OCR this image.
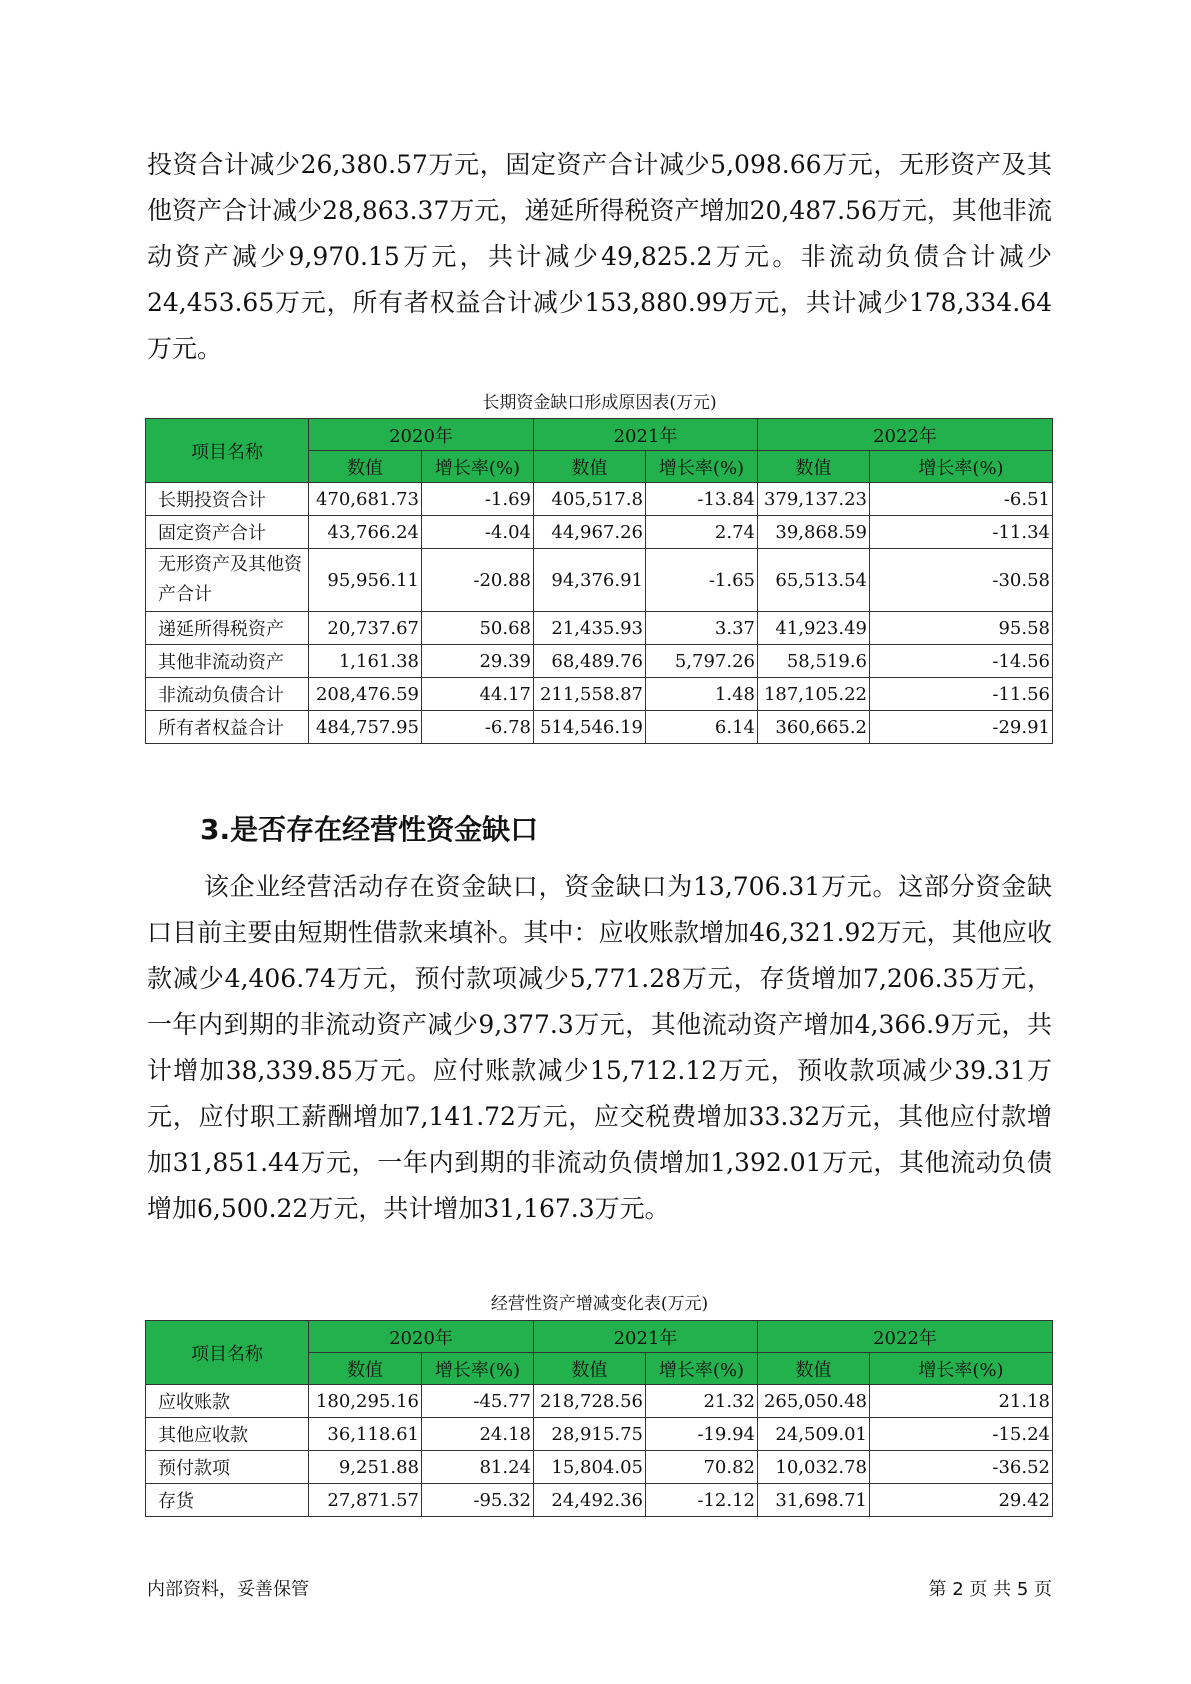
投资合计减少26,380.57万元，固定资产合计减少5,098.66万元，无形资产及其他资产合计减少28,863.37万元，递延所得税资产增加20,487.56万元，其他非流动资产减少9,970.15万元，共计减少49,825.2万元。非流动负债合计减少24,453.65万元，所有者权益合计减少153,880.99万元，共计减少178,334.64万元。

长期资金缺口形成原因表(万元)

项目名称	2020年		2021年		2022年	
	数值	增长率(%)	数值	增长率(%)	数值	增长率(%)
长期投资合计	470,681.73	-1.69	405,517.8	-13.84	379,137.23	-6.51
固定资产合计	43,766.24	-4.04	44,967.26	2.74	39,868.59	-11.34
无形资产及其他资产合计	95,956.11	-20.88	94,376.91	-1.65	65,513.54	-30.58
递延所得税资产	20,737.67	50.68	21,435.93	3.37	41,923.49	95.58
其他非流动资产	1,161.38	29.39	68,489.76	5,797.26	58,519.6	-14.56
非流动负债合计	208,476.59	44.17	211,558.87	1.48	187,105.22	-11.56
所有者权益合计	484,757.95	-6.78	514,546.19	6.14	360,665.2	-29.91
3.是否存在经营性资金缺口

该企业经营活动存在资金缺口，资金缺口为13,706.31万元。这部分资金缺口目前主要由短期性借款来填补。其中：应收账款增加46,321.92万元，其他应收款减少4,406.74万元，预付款项减少5,771.28万元，存货增加7,206.35万元，一年内到期的非流动资产减少9,377.3万元，其他流动资产增加4,366.9万元，共计增加38,339.85万元。应付账款减少15,712.12万元，预收款项减少39.31万元，应付职工薪酬增加7,141.72万元，应交税费增加33.32万元，其他应付款增加31,851.44万元，一年内到期的非流动负债增加1,392.01万元，其他流动负债增加6,500.22万元，共计增加31,167.3万元。

经营性资产增减变化表(万元)

项目名称	2020年		2021年		2022年	
	数值	增长率(%)	数值	增长率(%)	数值	增长率(%)
应收账款	180,295.16	-45.77	218,728.56	21.32	265,050.48	21.18
其他应收款	36,118.61	24.18	28,915.75	-19.94	24,509.01	-15.24
预付款项	9,251.88	81.24	15,804.05	70.82	10,032.78	-36.52
存货	27,871.57	-95.32	24,492.36	-12.12	31,698.71	29.42
内部资料，妥善保管	第 2 页 共 5 页
